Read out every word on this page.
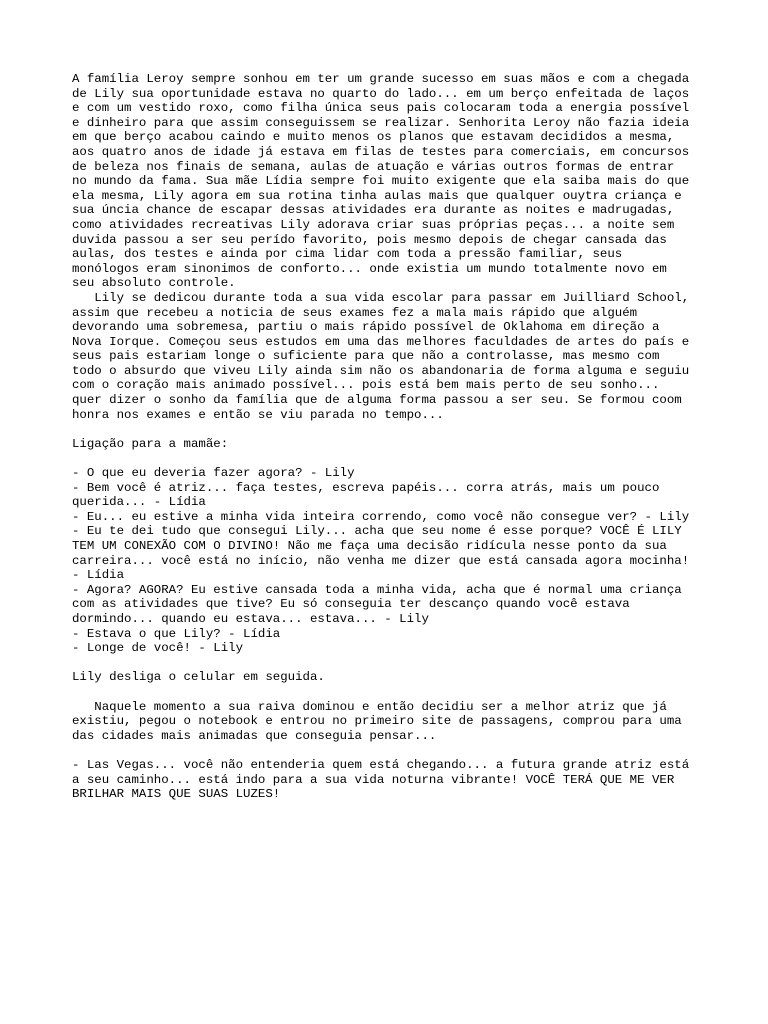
A família Leroy sempre sonhou em ter um grande sucesso em suas mãos e com a chegada
de Lily sua oportunidade estava no quarto do lado... em um berço enfeitada de laços
e com um vestido roxo, como filha única seus pais colocaram toda a energia possível
e dinheiro para que assim conseguissem se realizar. Senhorita Leroy não fazia ideia
em que berço acabou caindo e muito menos os planos que estavam decididos a mesma,
aos quatro anos de idade já estava em filas de testes para comerciais, em concursos
de beleza nos finais de semana, aulas de atuação e várias outros formas de entrar
no mundo da fama. Sua mãe Lídia sempre foi muito exigente que ela saiba mais do que
ela mesma, Lily agora em sua rotina tinha aulas mais que qualquer ouytra criança e
sua úncia chance de escapar dessas atividades era durante as noites e madrugadas,
como atividades recreativas Lily adorava criar suas próprias peças... a noite sem
duvida passou a ser seu perído favorito, pois mesmo depois de chegar cansada das
aulas, dos testes e ainda por cima lidar com toda a pressão familiar, seus
monólogos eram sinonimos de conforto... onde existia um mundo totalmente novo em
seu absoluto controle.
Lily se dedicou durante toda a sua vida escolar para passar em Juilliard School,
assim que recebeu a noticia de seus exames fez a mala mais rápido que alguém
devorando uma sobremesa, partiu o mais rápido possível de Oklahoma em direção a
Nova Iorque. Começou seus estudos em uma das melhores faculdades de artes do país e
seus pais estariam longe o suficiente para que não a controlasse, mas mesmo com
todo o absurdo que viveu Lily ainda sim não os abandonaria de forma alguma e seguiu
com o coração mais animado possível... pois está bem mais perto de seu sonho...
quer dizer o sonho da família que de alguma forma passou a ser seu. Se formou coom
honra nos exames e então se viu parada no tempo...
Ligação para a mamãe:
- O que eu deveria fazer agora? - Lily
- Bem você é atriz... faça testes, escreva papéis... corra atrás, mais um pouco
querida... - Lídia
- Eu... eu estive a minha vida inteira correndo, como você não consegue ver? - Lily
- Eu te dei tudo que consegui Lily... acha que seu nome é esse porque? VOCÊ É LILY
TEM UM CONEXÃO COM O DIVINO! Não me faça uma decisão ridícula nesse ponto da sua
carreira... você está no início, não venha me dizer que está cansada agora mocinha!
- Lídia
- Agora? AGORA? Eu estive cansada toda a minha vida, acha que é normal uma criança
com as atividades que tive? Eu só conseguia ter descanço quando você estava
dormindo... quando eu estava... estava... - Lily
- Estava o que Lily? - Lídia
- Longe de você! - Lily
Lily desliga o celular em seguida.
Naquele momento a sua raiva dominou e então decidiu ser a melhor atriz que já
existiu, pegou o notebook e entrou no primeiro site de passagens, comprou para uma
das cidades mais animadas que conseguia pensar...
- Las Vegas... você não entenderia quem está chegando... a futura grande atriz está
a seu caminho... está indo para a sua vida noturna vibrante! VOCÊ TERÁ QUE ME VER
BRILHAR MAIS QUE SUAS LUZES!
